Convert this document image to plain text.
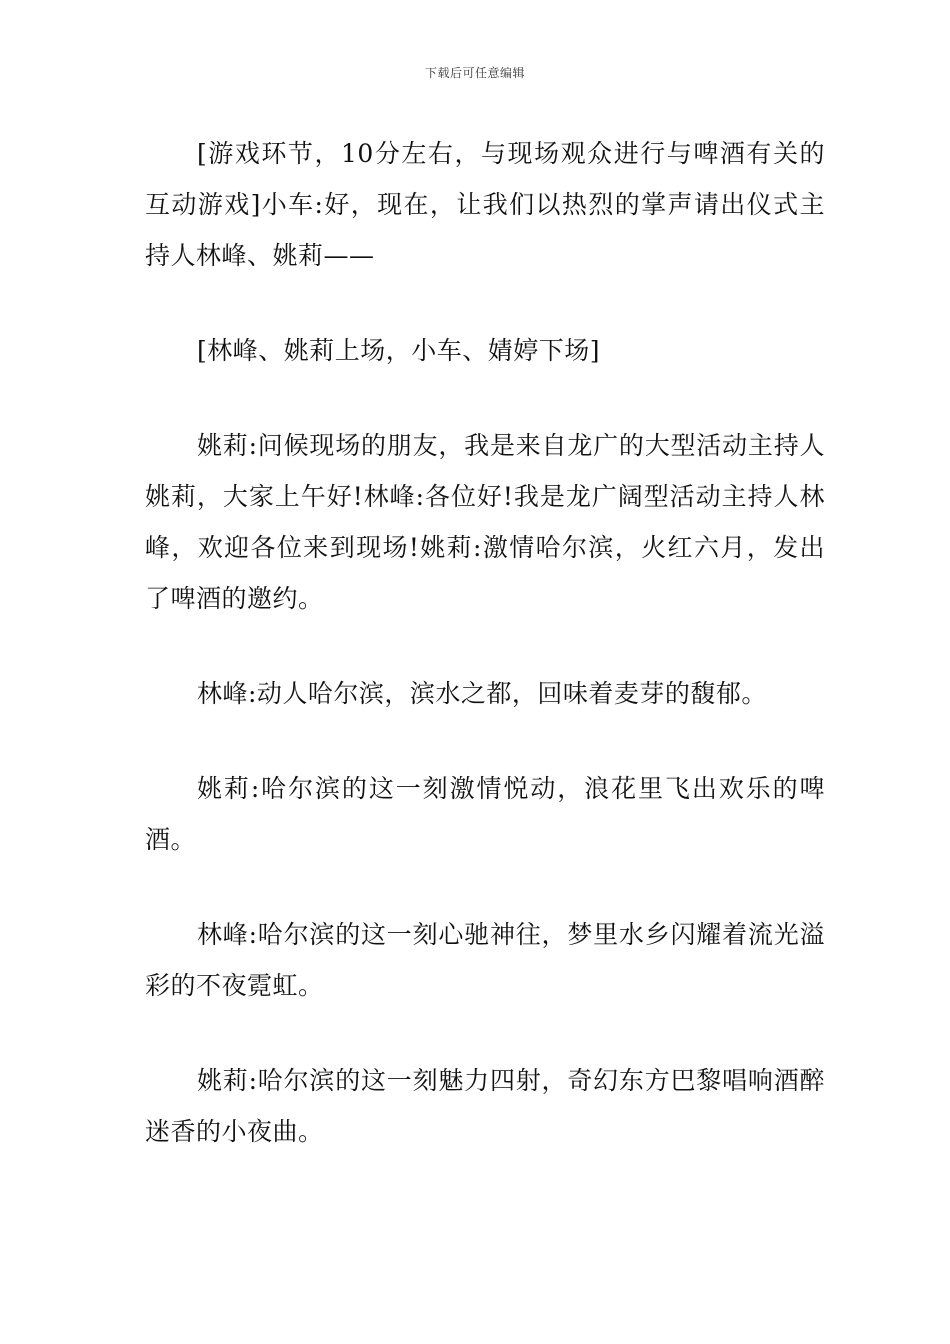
下载后可任意编辑

[游戏环节，10分左右，与现场观众进行与啤酒有关的互动游戏]小车:好，现在，让我们以热烈的掌声请出仪式主持人林峰、姚莉——

[林峰、姚莉上场，小车、婧婷下场]

姚莉:问候现场的朋友，我是来自龙广的大型活动主持人姚莉，大家上午好!林峰:各位好!我是龙广阔型活动主持人林峰，欢迎各位来到现场!姚莉:激情哈尔滨，火红六月，发出了啤酒的邀约。

林峰:动人哈尔滨，滨水之都，回味着麦芽的馥郁。

姚莉:哈尔滨的这一刻激情悦动，浪花里飞出欢乐的啤酒。

林峰:哈尔滨的这一刻心驰神往，梦里水乡闪耀着流光溢彩的不夜霓虹。

姚莉:哈尔滨的这一刻魅力四射，奇幻东方巴黎唱响酒醉迷香的小夜曲。
